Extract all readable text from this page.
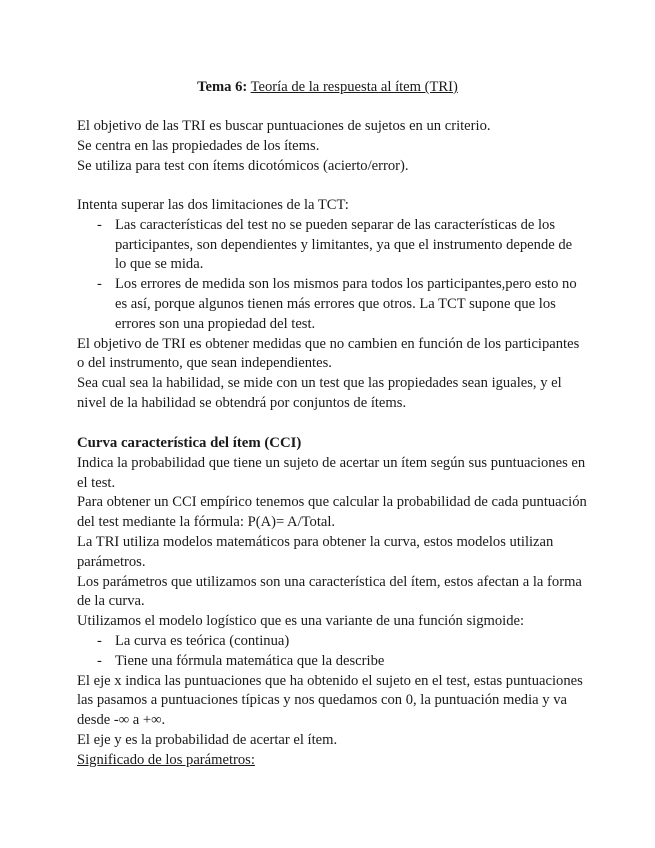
Tema 6: Teoría de la respuesta al ítem (TRI)

El objetivo de las TRI es buscar puntuaciones de sujetos en un criterio.

Se centra en las propiedades de los ítems.

Se utiliza para test con ítems dicotómicos (acierto/error).

Intenta superar las dos limitaciones de la TCT:

- Las características del test no se pueden separar de las características de los participantes, son dependientes y limitantes, ya que el instrumento depende de lo que se mida.
- Los errores de medida son los mismos para todos los participantes,pero esto no es así, porque algunos tienen más errores que otros. La TCT supone que los errores son una propiedad del test.

El objetivo de TRI es obtener medidas que no cambien en función de los participantes o del instrumento, que sean independientes.

Sea cual sea la habilidad, se mide con un test que las propiedades sean iguales, y el nivel de la habilidad se obtendrá por conjuntos de ítems.

Curva característica del ítem (CCI)

Indica la probabilidad que tiene un sujeto de acertar un ítem según sus puntuaciones en el test.

Para obtener un CCI empírico tenemos que calcular la probabilidad de cada puntuación del test mediante la fórmula: P(A)= A/Total.

La TRI utiliza modelos matemáticos para obtener la curva, estos modelos utilizan parámetros.

Los parámetros que utilizamos son una característica del ítem, estos afectan a la forma de la curva.

Utilizamos el modelo logístico que es una variante de una función sigmoide:

- La curva es teórica (continua)
- Tiene una fórmula matemática que la describe

El eje x indica las puntuaciones que ha obtenido el sujeto en el test, estas puntuaciones las pasamos a puntuaciones típicas y nos quedamos con 0, la puntuación media y va desde -∞ a +∞.

El eje y es la probabilidad de acertar el ítem.

Significado de los parámetros:
